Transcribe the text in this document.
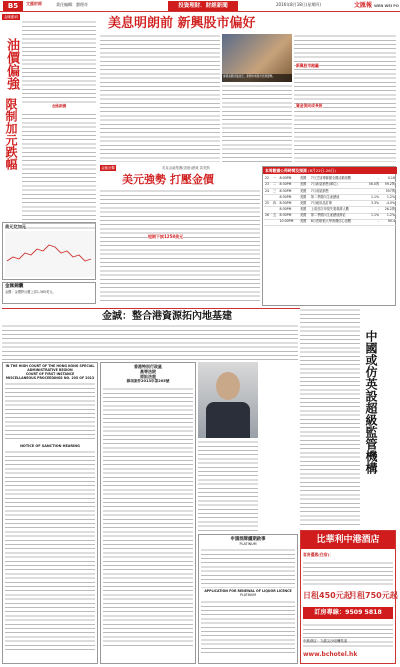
B5	文匯財經	責任編輯：劉理奇	投資理財．財經新聞	2016年8月18日(星期四)	文匯報 WEN WEI PO
金匯動向
油價偏強
限制加元跌幅	金匯錦囊
美元兌加元
金匯錦囊
金價：金價將反覆上試1,365美元。
美息明朗前 新興股市偏好
憧憬美國延後加息，新興市場股市表現優勢。
新興股市跑贏
資金流向成長股
金匯出擊	英皇金融集團(香港)總裁 黃美斯
美元強勢 打壓金價
短期下試1258美元
本周數據公佈時間及預測 (8月22日-26日)
22	一	8:00PM	美國	7月芝加哥聯儲全國活動指數	-	0.16
23	二	8:30PM	美國	7月新屋銷售(單位)	56.0萬	59.2萬
24	三	8:30PM	美國	7月成屋銷售	-	557萬
		8:30PM	美國	第二季國內生產總值	1.1%	1.2%
25	四	8:30PM	美國	7月耐用品訂單	3.3%	-4.0%
		8:30PM	美國	上周首次申領失業救濟人數	-	26.2萬
26	五	8:30PM	美國	第二季國內生產總值修訂	1.1%	1.2%
		10:00PM	美國	8月密歇根大學消費信心指數	-	90.4
金誠：整合港資源拓內地基建
IN THE HIGH COURT OF THE HONG KONG SPECIAL ADMINISTRATIVE REGION
COURT OF FIRST INSTANCE
MISCELLANEOUS PROCEEDINGS NO. 205 OF 2013
NOTICE OF SANCTION HEARING
香港特別行政區
高等法院
原訟法庭
雜項案件2013年第205號	中國或仿英設超級監管機構
申請酒牌續期啟事
PLATINUM
APPLICATION FOR RENEWAL OF LIQUOR LICENCE
PLATINUM
比華利中港酒店
客房優惠(住宿)：
日租450元起
月租750元起
訂房專線：9509 5818
中港酒店：九龍尖沙咀彌敦道
www.bchotel.hk
